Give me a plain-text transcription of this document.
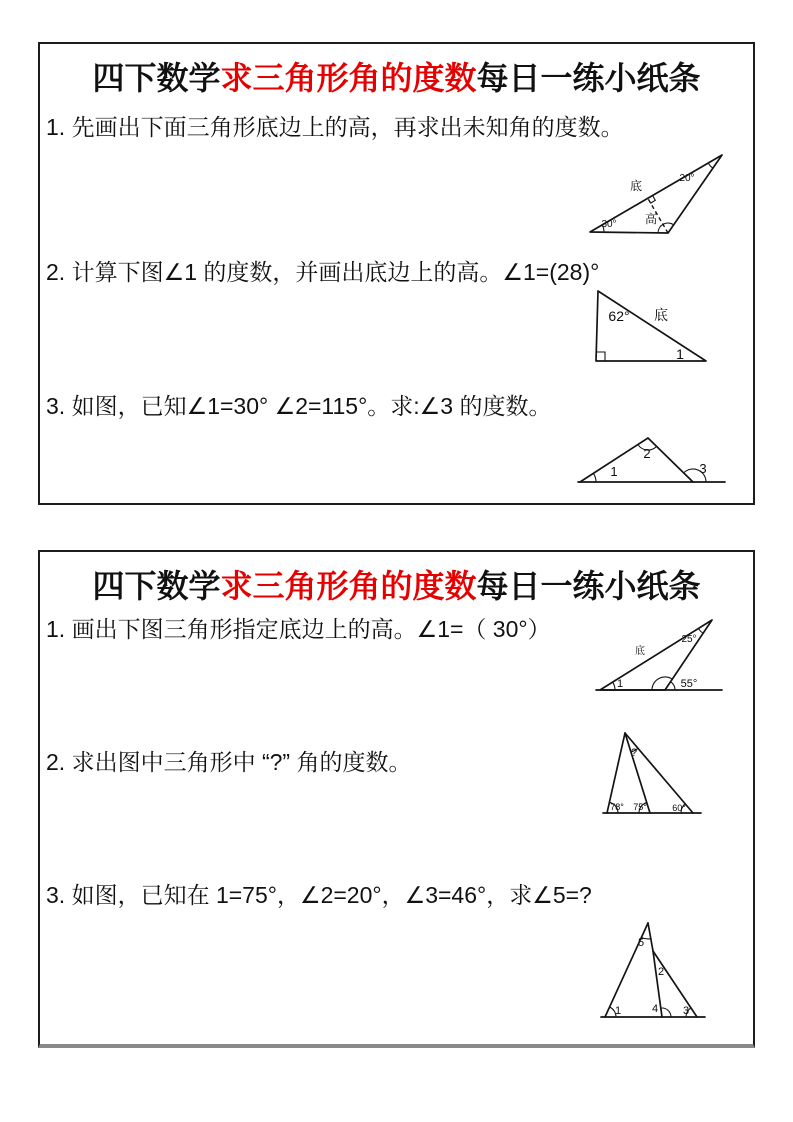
四下数学求三角形角的度数每日一练小纸条

1. 先画出下面三角形底边上的高，再求出未知角的度数。

底
高
30°
20°

2. 计算下图∠1 的度数，并画出底边上的高。∠1=(28)°

62° 底
1

3. 如图，已知∠1=30° ∠2=115°。求:∠3 的度数。

1
2
3
四下数学求三角形角的度数每日一练小纸条

1. 画出下图三角形指定底边上的高。∠1=（ 30°）

1
底
25°
55°

2. 求出图中三角形中 “?” 角的度数。	?
78° 75°	60°

3. 如图，已知在 1=75°，∠2=20°，∠3=46°，求∠5=?

5
2
1	4 3
